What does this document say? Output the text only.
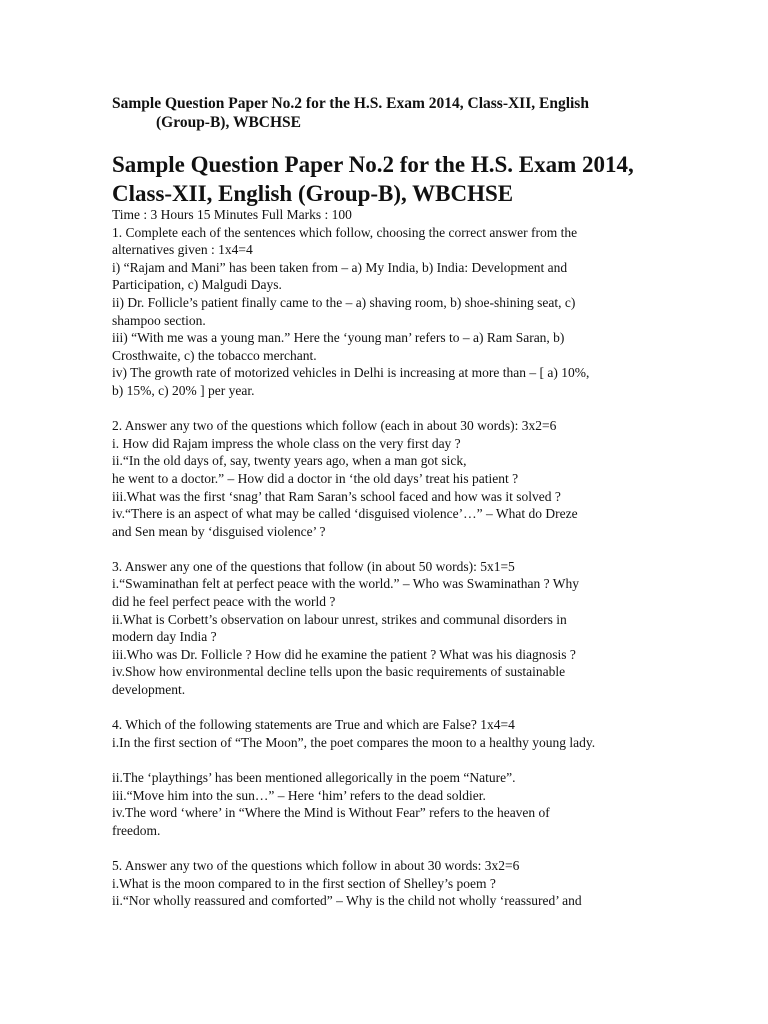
Sample Question Paper No.2 for the H.S. Exam 2014, Class-XII, English
(Group-B), WBCHSE
Sample Question Paper No.2 for the H.S. Exam 2014,
Class-XII, English (Group-B), WBCHSE

Time : 3 Hours 15 Minutes Full Marks : 100

1. Complete each of the sentences which follow, choosing the correct answer from the

alternatives given : 1x4=4

i) “Rajam and Mani” has been taken from – a) My India, b) India: Development and

Participation, c) Malgudi Days.

ii) Dr. Follicle’s patient finally came to the – a) shaving room, b) shoe-shining seat, c)

shampoo section.

iii) “With me was a young man.” Here the ‘young man’ refers to – a) Ram Saran, b)

Crosthwaite, c) the tobacco merchant.

iv) The growth rate of motorized vehicles in Delhi is increasing at more than – [ a) 10%,

b) 15%, c) 20% ] per year.

2. Answer any two of the questions which follow (each in about 30 words): 3x2=6

i. How did Rajam impress the whole class on the very first day ?

ii.“In the old days of, say, twenty years ago, when a man got sick,

he went to a doctor.” – How did a doctor in ‘the old days’ treat his patient ?

iii.What was the first ‘snag’ that Ram Saran’s school faced and how was it solved ?

iv.“There is an aspect of what may be called ‘disguised violence’…” – What do Dreze

and Sen mean by ‘disguised violence’ ?

3. Answer any one of the questions that follow (in about 50 words): 5x1=5

i.“Swaminathan felt at perfect peace with the world.” – Who was Swaminathan ? Why

did he feel perfect peace with the world ?

ii.What is Corbett’s observation on labour unrest, strikes and communal disorders in

modern day India ?

iii.Who was Dr. Follicle ? How did he examine the patient ? What was his diagnosis ?

iv.Show how environmental decline tells upon the basic requirements of sustainable

development.

4. Which of the following statements are True and which are False? 1x4=4

i.In the first section of “The Moon”, the poet compares the moon to a healthy young lady.

ii.The ‘playthings’ has been mentioned allegorically in the poem “Nature”.

iii.“Move him into the sun…” – Here ‘him’ refers to the dead soldier.

iv.The word ‘where’ in “Where the Mind is Without Fear” refers to the heaven of

freedom.

5. Answer any two of the questions which follow in about 30 words: 3x2=6

i.What is the moon compared to in the first section of Shelley’s poem ?

ii.“Nor wholly reassured and comforted” – Why is the child not wholly ‘reassured’ and
